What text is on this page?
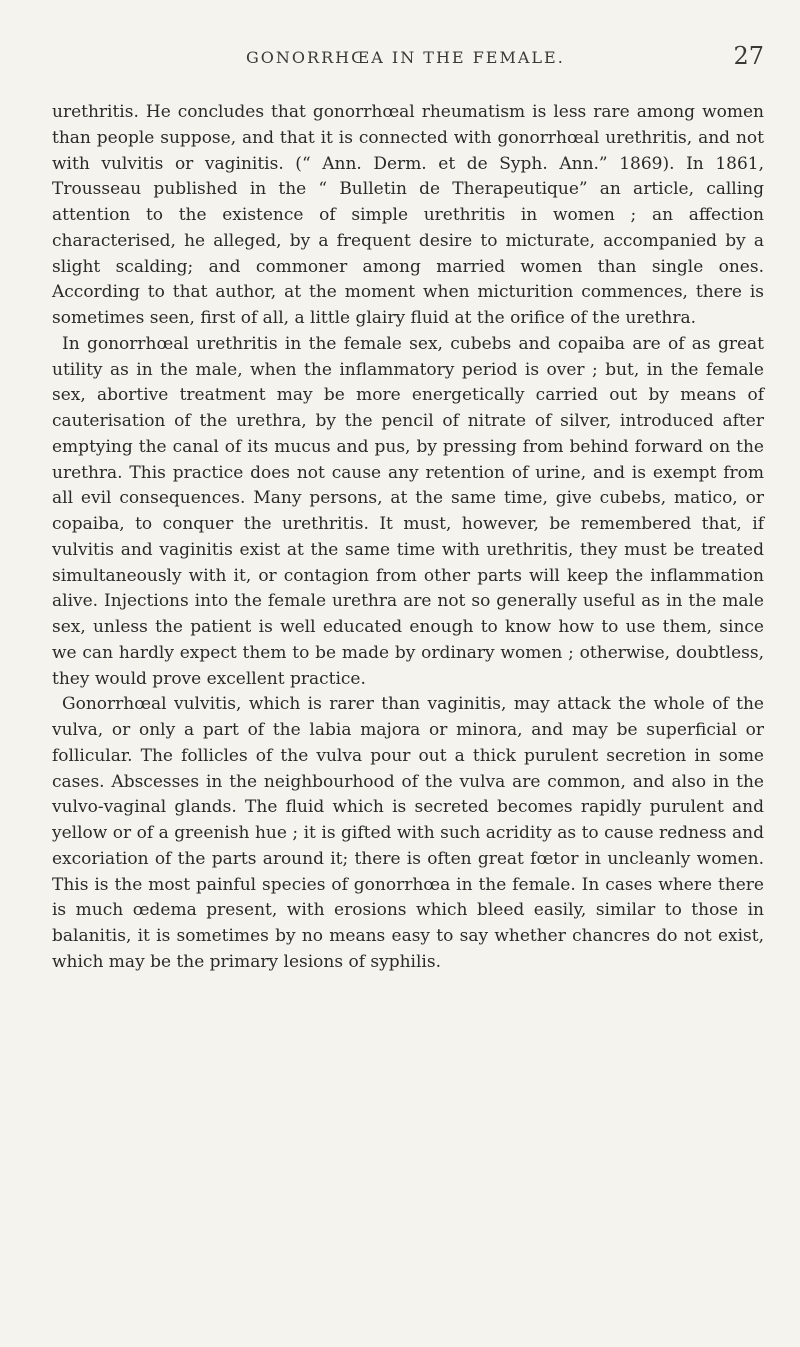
GONORRHŒA IN THE FEMALE.	27

urethritis. He concludes that gonorrhœal rheumatism is less rare among women than people suppose, and that it is connected with gonorrhœal urethritis, and not with vulvitis or vaginitis. (“ Ann. Derm. et de Syph. Ann.” 1869). In 1861, Trousseau published in the “ Bulletin de Therapeutique” an article, calling attention to the existence of simple urethritis in women ; an affection characterised, he alleged, by a frequent desire to micturate, accompanied by a slight scalding; and commoner among married women than single ones. According to that author, at the moment when micturition commences, there is sometimes seen, first of all, a little glairy fluid at the orifice of the urethra.

In gonorrhœal urethritis in the female sex, cubebs and copaiba are of as great utility as in the male, when the inflammatory period is over ; but, in the female sex, abortive treatment may be more energetically carried out by means of cauterisation of the urethra, by the pencil of nitrate of silver, introduced after emptying the canal of its mucus and pus, by pressing from behind forward on the urethra. This practice does not cause any retention of urine, and is exempt from all evil consequences. Many persons, at the same time, give cubebs, matico, or copaiba, to conquer the urethritis. It must, however, be remembered that, if vulvitis and vaginitis exist at the same time with urethritis, they must be treated simultaneously with it, or contagion from other parts will keep the inflammation alive. Injections into the female urethra are not so generally useful as in the male sex, unless the patient is well educated enough to know how to use them, since we can hardly expect them to be made by ordinary women ; otherwise, doubtless, they would prove excellent practice.

Gonorrhœal vulvitis, which is rarer than vaginitis, may attack the whole of the vulva, or only a part of the labia majora or minora, and may be superficial or follicular. The follicles of the vulva pour out a thick purulent secretion in some cases. Abscesses in the neighbourhood of the vulva are common, and also in the vulvo-vaginal glands. The fluid which is secreted becomes rapidly purulent and yellow or of a greenish hue ; it is gifted with such acridity as to cause redness and excoriation of the parts around it; there is often great fœtor in uncleanly women. This is the most painful species of gonorrhœa in the female. In cases where there is much œdema present, with erosions which bleed easily, similar to those in balanitis, it is sometimes by no means easy to say whether chancres do not exist, which may be the primary lesions of syphilis.
